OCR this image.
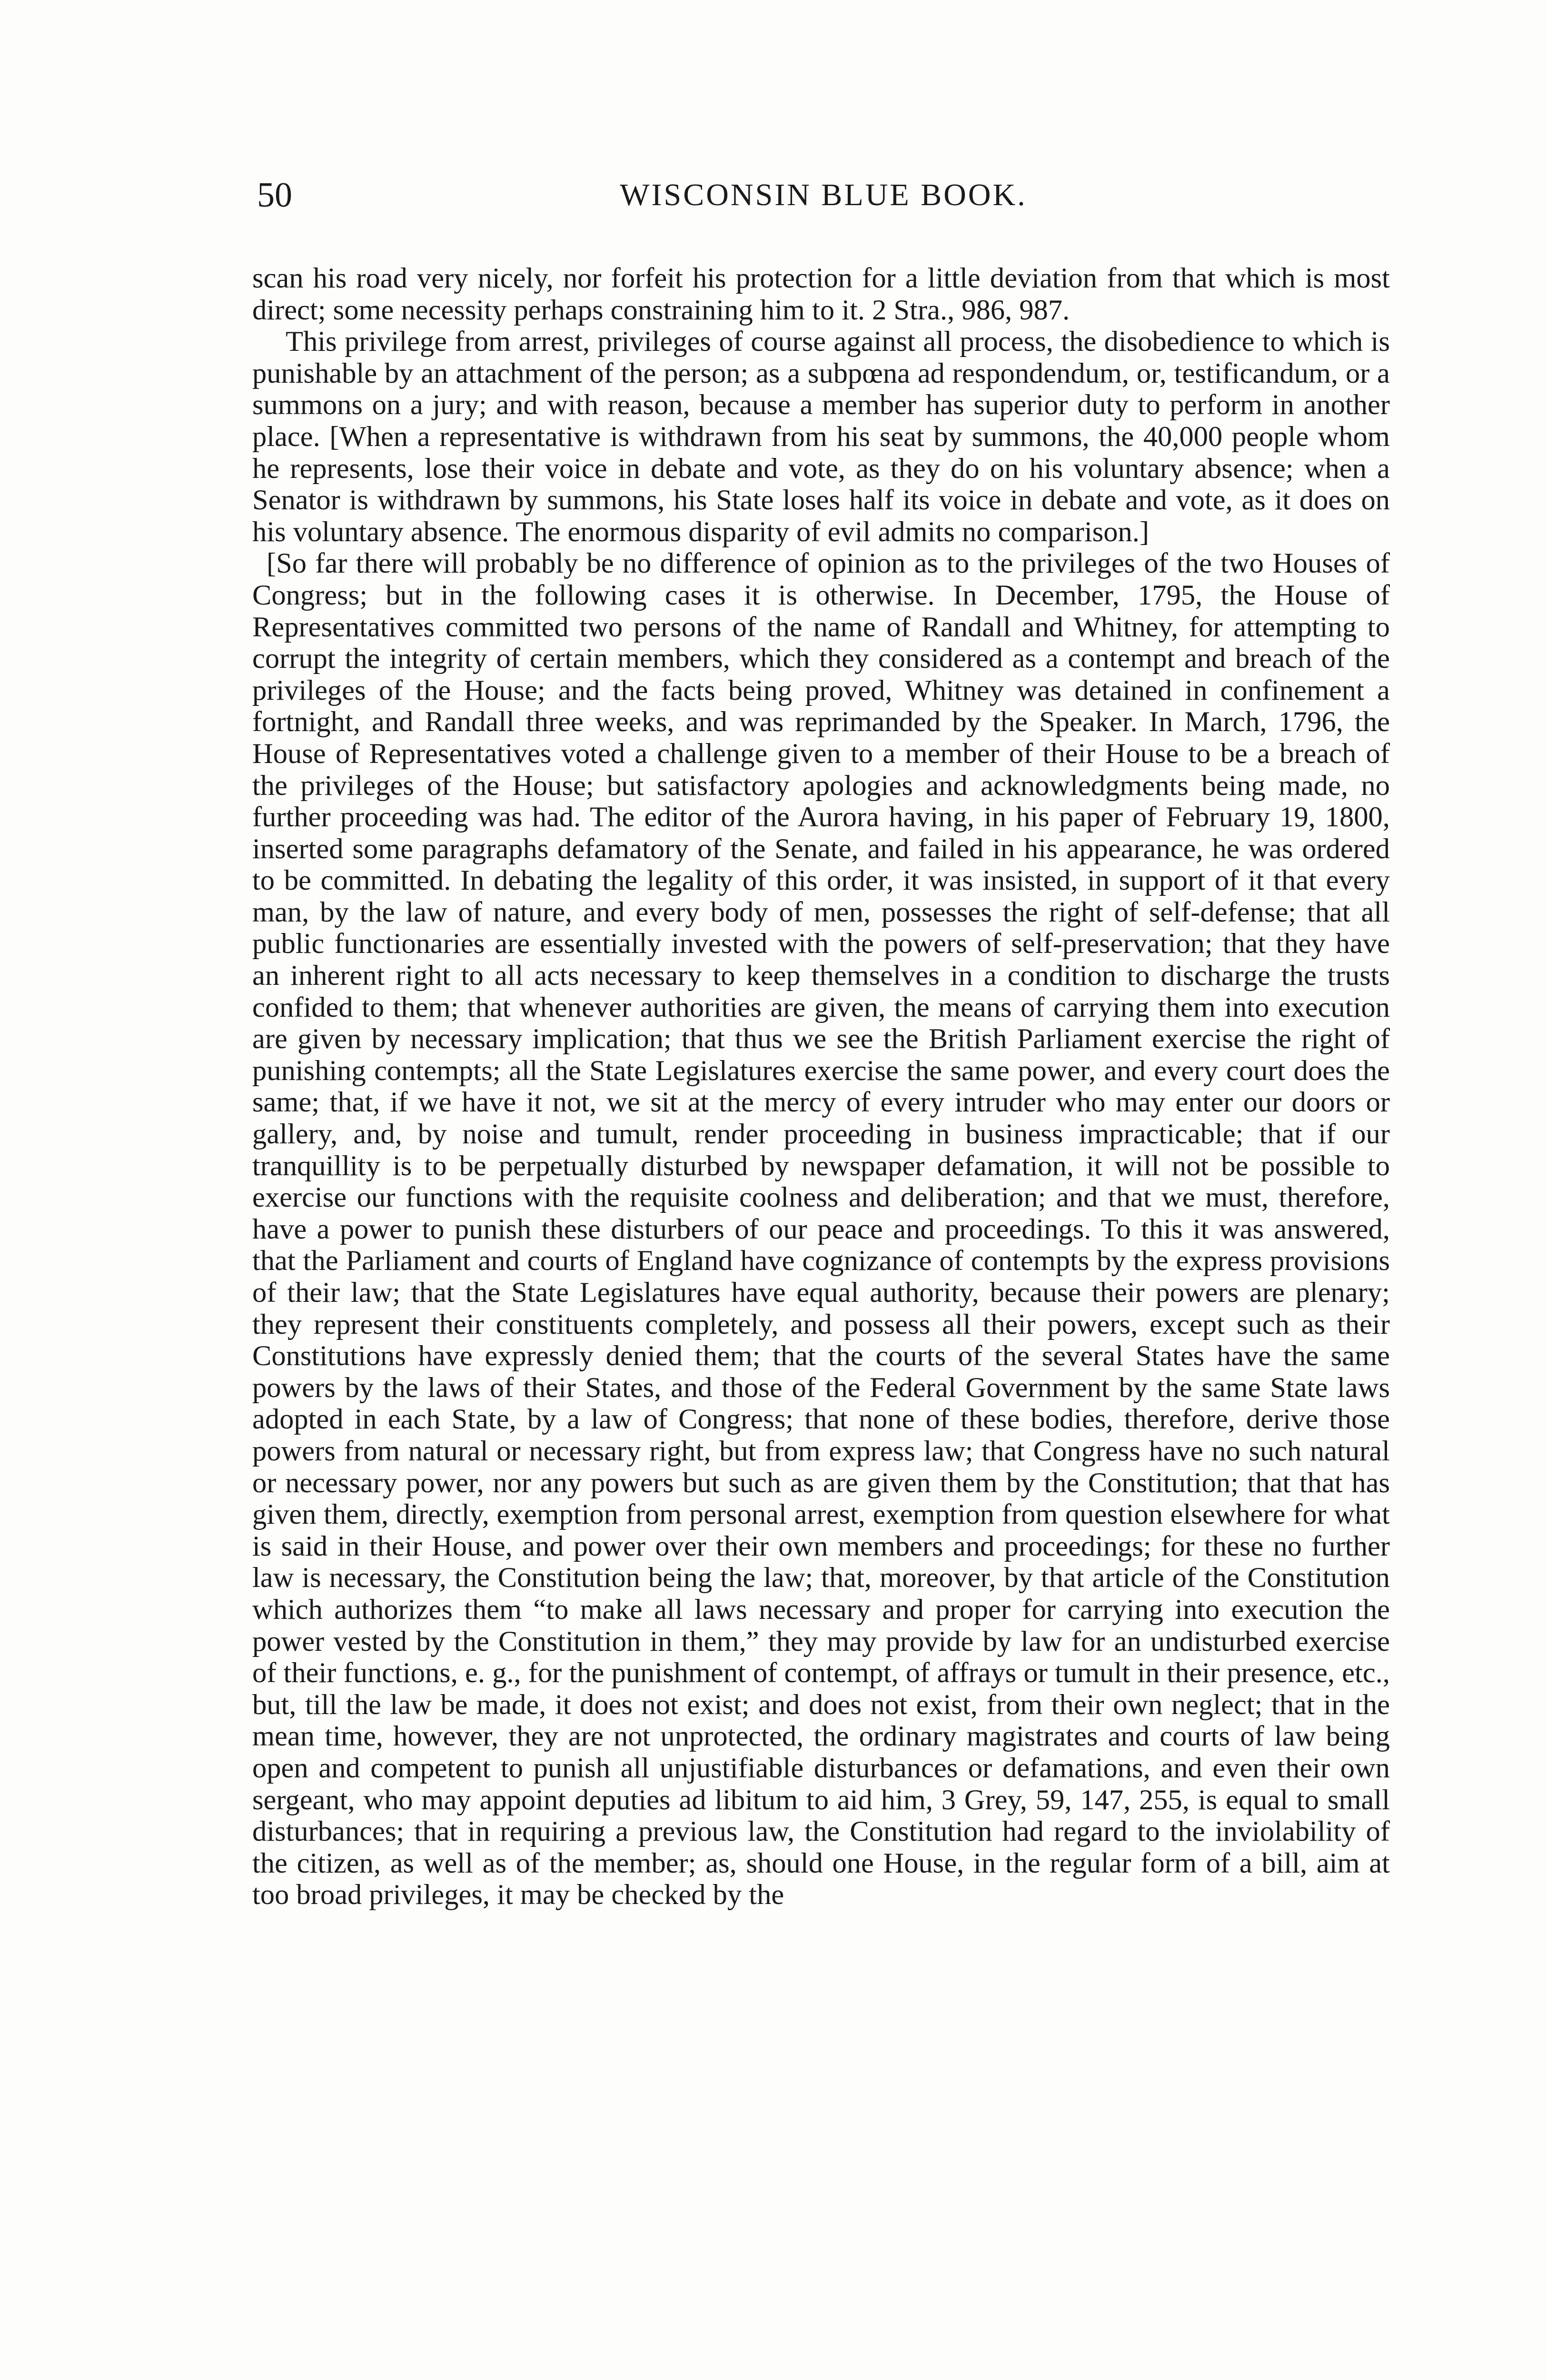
50	WISCONSIN BLUE BOOK.

scan his road very nicely, nor forfeit his protection for a little deviation from that which is most direct; some necessity perhaps constraining him to it. 2 Stra., 986, 987.

This privilege from arrest, privileges of course against all process, the disobedience to which is punishable by an attachment of the person; as a subpœna ad respondendum, or, testificandum, or a summons on a jury; and with reason, because a member has superior duty to perform in another place. [When a representative is withdrawn from his seat by summons, the 40,000 people whom he represents, lose their voice in debate and vote, as they do on his voluntary absence; when a Senator is withdrawn by summons, his State loses half its voice in debate and vote, as it does on his voluntary absence. The enormous disparity of evil admits no comparison.]

[So far there will probably be no difference of opinion as to the privileges of the two Houses of Congress; but in the following cases it is otherwise. In December, 1795, the House of Representatives committed two persons of the name of Randall and Whitney, for attempting to corrupt the integrity of certain members, which they considered as a contempt and breach of the privileges of the House; and the facts being proved, Whitney was detained in confinement a fortnight, and Randall three weeks, and was reprimanded by the Speaker. In March, 1796, the House of Representatives voted a challenge given to a member of their House to be a breach of the privileges of the House; but satisfactory apologies and acknowledgments being made, no further proceeding was had. The editor of the Aurora having, in his paper of February 19, 1800, inserted some paragraphs defamatory of the Senate, and failed in his appearance, he was ordered to be committed. In debating the legality of this order, it was insisted, in support of it that every man, by the law of nature, and every body of men, possesses the right of self-defense; that all public functionaries are essentially invested with the powers of self-preservation; that they have an inherent right to all acts necessary to keep themselves in a condition to discharge the trusts confided to them; that whenever authorities are given, the means of carrying them into execution are given by necessary implication; that thus we see the British Parliament exercise the right of punishing contempts; all the State Legislatures exercise the same power, and every court does the same; that, if we have it not, we sit at the mercy of every intruder who may enter our doors or gallery, and, by noise and tumult, render proceeding in business impracticable; that if our tranquillity is to be perpetually disturbed by newspaper defamation, it will not be possible to exercise our functions with the requisite coolness and deliberation; and that we must, therefore, have a power to punish these disturbers of our peace and proceedings. To this it was answered, that the Parliament and courts of England have cognizance of contempts by the express provisions of their law; that the State Legislatures have equal authority, because their powers are plenary; they represent their constituents completely, and possess all their powers, except such as their Constitutions have expressly denied them; that the courts of the several States have the same powers by the laws of their States, and those of the Federal Government by the same State laws adopted in each State, by a law of Congress; that none of these bodies, therefore, derive those powers from natural or necessary right, but from express law; that Congress have no such natural or necessary power, nor any powers but such as are given them by the Constitution; that that has given them, directly, exemption from personal arrest, exemption from question elsewhere for what is said in their House, and power over their own members and proceedings; for these no further law is necessary, the Constitution being the law; that, moreover, by that article of the Constitution which authorizes them “to make all laws necessary and proper for carrying into execution the power vested by the Constitution in them,” they may provide by law for an undisturbed exercise of their functions, e. g., for the punishment of contempt, of affrays or tumult in their presence, etc., but, till the law be made, it does not exist; and does not exist, from their own neglect; that in the mean time, however, they are not unprotected, the ordinary magistrates and courts of law being open and competent to punish all unjustifiable disturbances or defamations, and even their own sergeant, who may appoint deputies ad libitum to aid him, 3 Grey, 59, 147, 255, is equal to small disturbances; that in requiring a previous law, the Constitution had regard to the inviolability of the citizen, as well as of the member; as, should one House, in the regular form of a bill, aim at too broad privileges, it may be checked by the
